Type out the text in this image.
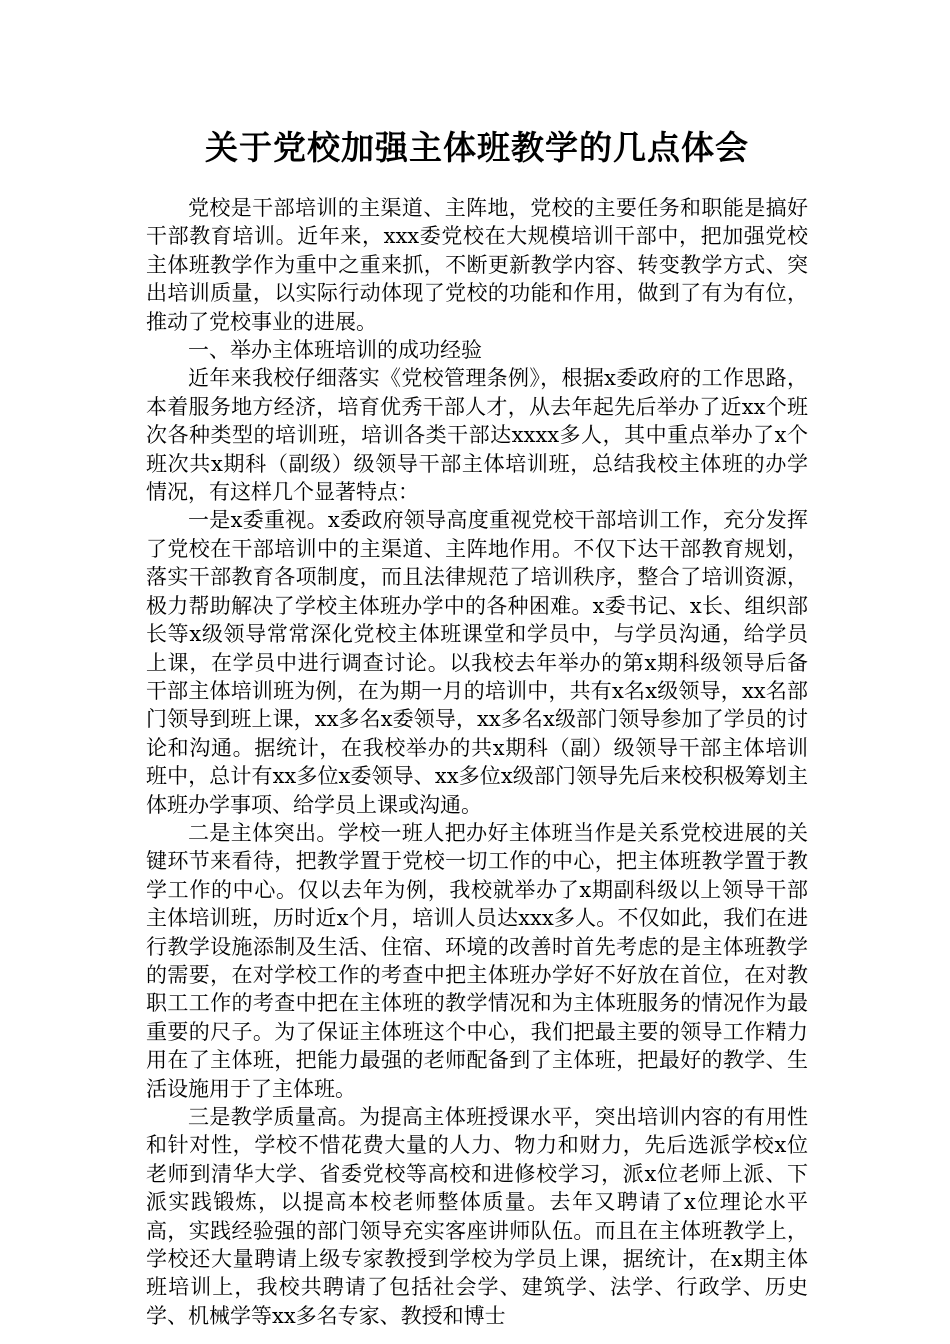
关于党校加强主体班教学的几点体会

党校是干部培训的主渠道、主阵地，党校的主要任务和职能是搞好干部教育培训。近年来，xxx委党校在大规模培训干部中，把加强党校主体班教学作为重中之重来抓，不断更新教学内容、转变教学方式、突出培训质量，以实际行动体现了党校的功能和作用，做到了有为有位，推动了党校事业的进展。

一、举办主体班培训的成功经验

近年来我校仔细落实《党校管理条例》，根据x委政府的工作思路，本着服务地方经济，培育优秀干部人才，从去年起先后举办了近xx个班次各种类型的培训班，培训各类干部达xxxx多人，其中重点举办了x个班次共x期科（副级）级领导干部主体培训班，总结我校主体班的办学情况，有这样几个显著特点：

一是x委重视。x委政府领导高度重视党校干部培训工作，充分发挥了党校在干部培训中的主渠道、主阵地作用。不仅下达干部教育规划，落实干部教育各项制度，而且法律规范了培训秩序，整合了培训资源，极力帮助解决了学校主体班办学中的各种困难。x委书记、x长、组织部长等x级领导常常深化党校主体班课堂和学员中，与学员沟通，给学员上课，在学员中进行调查讨论。以我校去年举办的第x期科级领导后备干部主体培训班为例，在为期一月的培训中，共有x名x级领导，xx名部门领导到班上课，xx多名x委领导，xx多名x级部门领导参加了学员的讨论和沟通。据统计，在我校举办的共x期科（副）级领导干部主体培训班中，总计有xx多位x委领导、xx多位x级部门领导先后来校积极筹划主体班办学事项、给学员上课或沟通。

二是主体突出。学校一班人把办好主体班当作是关系党校进展的关键环节来看待，把教学置于党校一切工作的中心，把主体班教学置于教学工作的中心。仅以去年为例，我校就举办了x期副科级以上领导干部主体培训班，历时近x个月，培训人员达xxx多人。不仅如此，我们在进行教学设施添制及生活、住宿、环境的改善时首先考虑的是主体班教学的需要，在对学校工作的考查中把主体班办学好不好放在首位，在对教职工工作的考查中把在主体班的教学情况和为主体班服务的情况作为最重要的尺子。为了保证主体班这个中心，我们把最主要的领导工作精力用在了主体班，把能力最强的老师配备到了主体班，把最好的教学、生活设施用于了主体班。

三是教学质量高。为提高主体班授课水平，突出培训内容的有用性和针对性，学校不惜花费大量的人力、物力和财力，先后选派学校x位老师到清华大学、省委党校等高校和进修校学习，派x位老师上派、下派实践锻炼，以提高本校老师整体质量。去年又聘请了x位理论水平高，实践经验强的部门领导充实客座讲师队伍。而且在主体班教学上，学校还大量聘请上级专家教授到学校为学员上课，据统计，在x期主体班培训上，我校共聘请了包括社会学、建筑学、法学、行政学、历史学、机械学等xx多名专家、教授和博士
